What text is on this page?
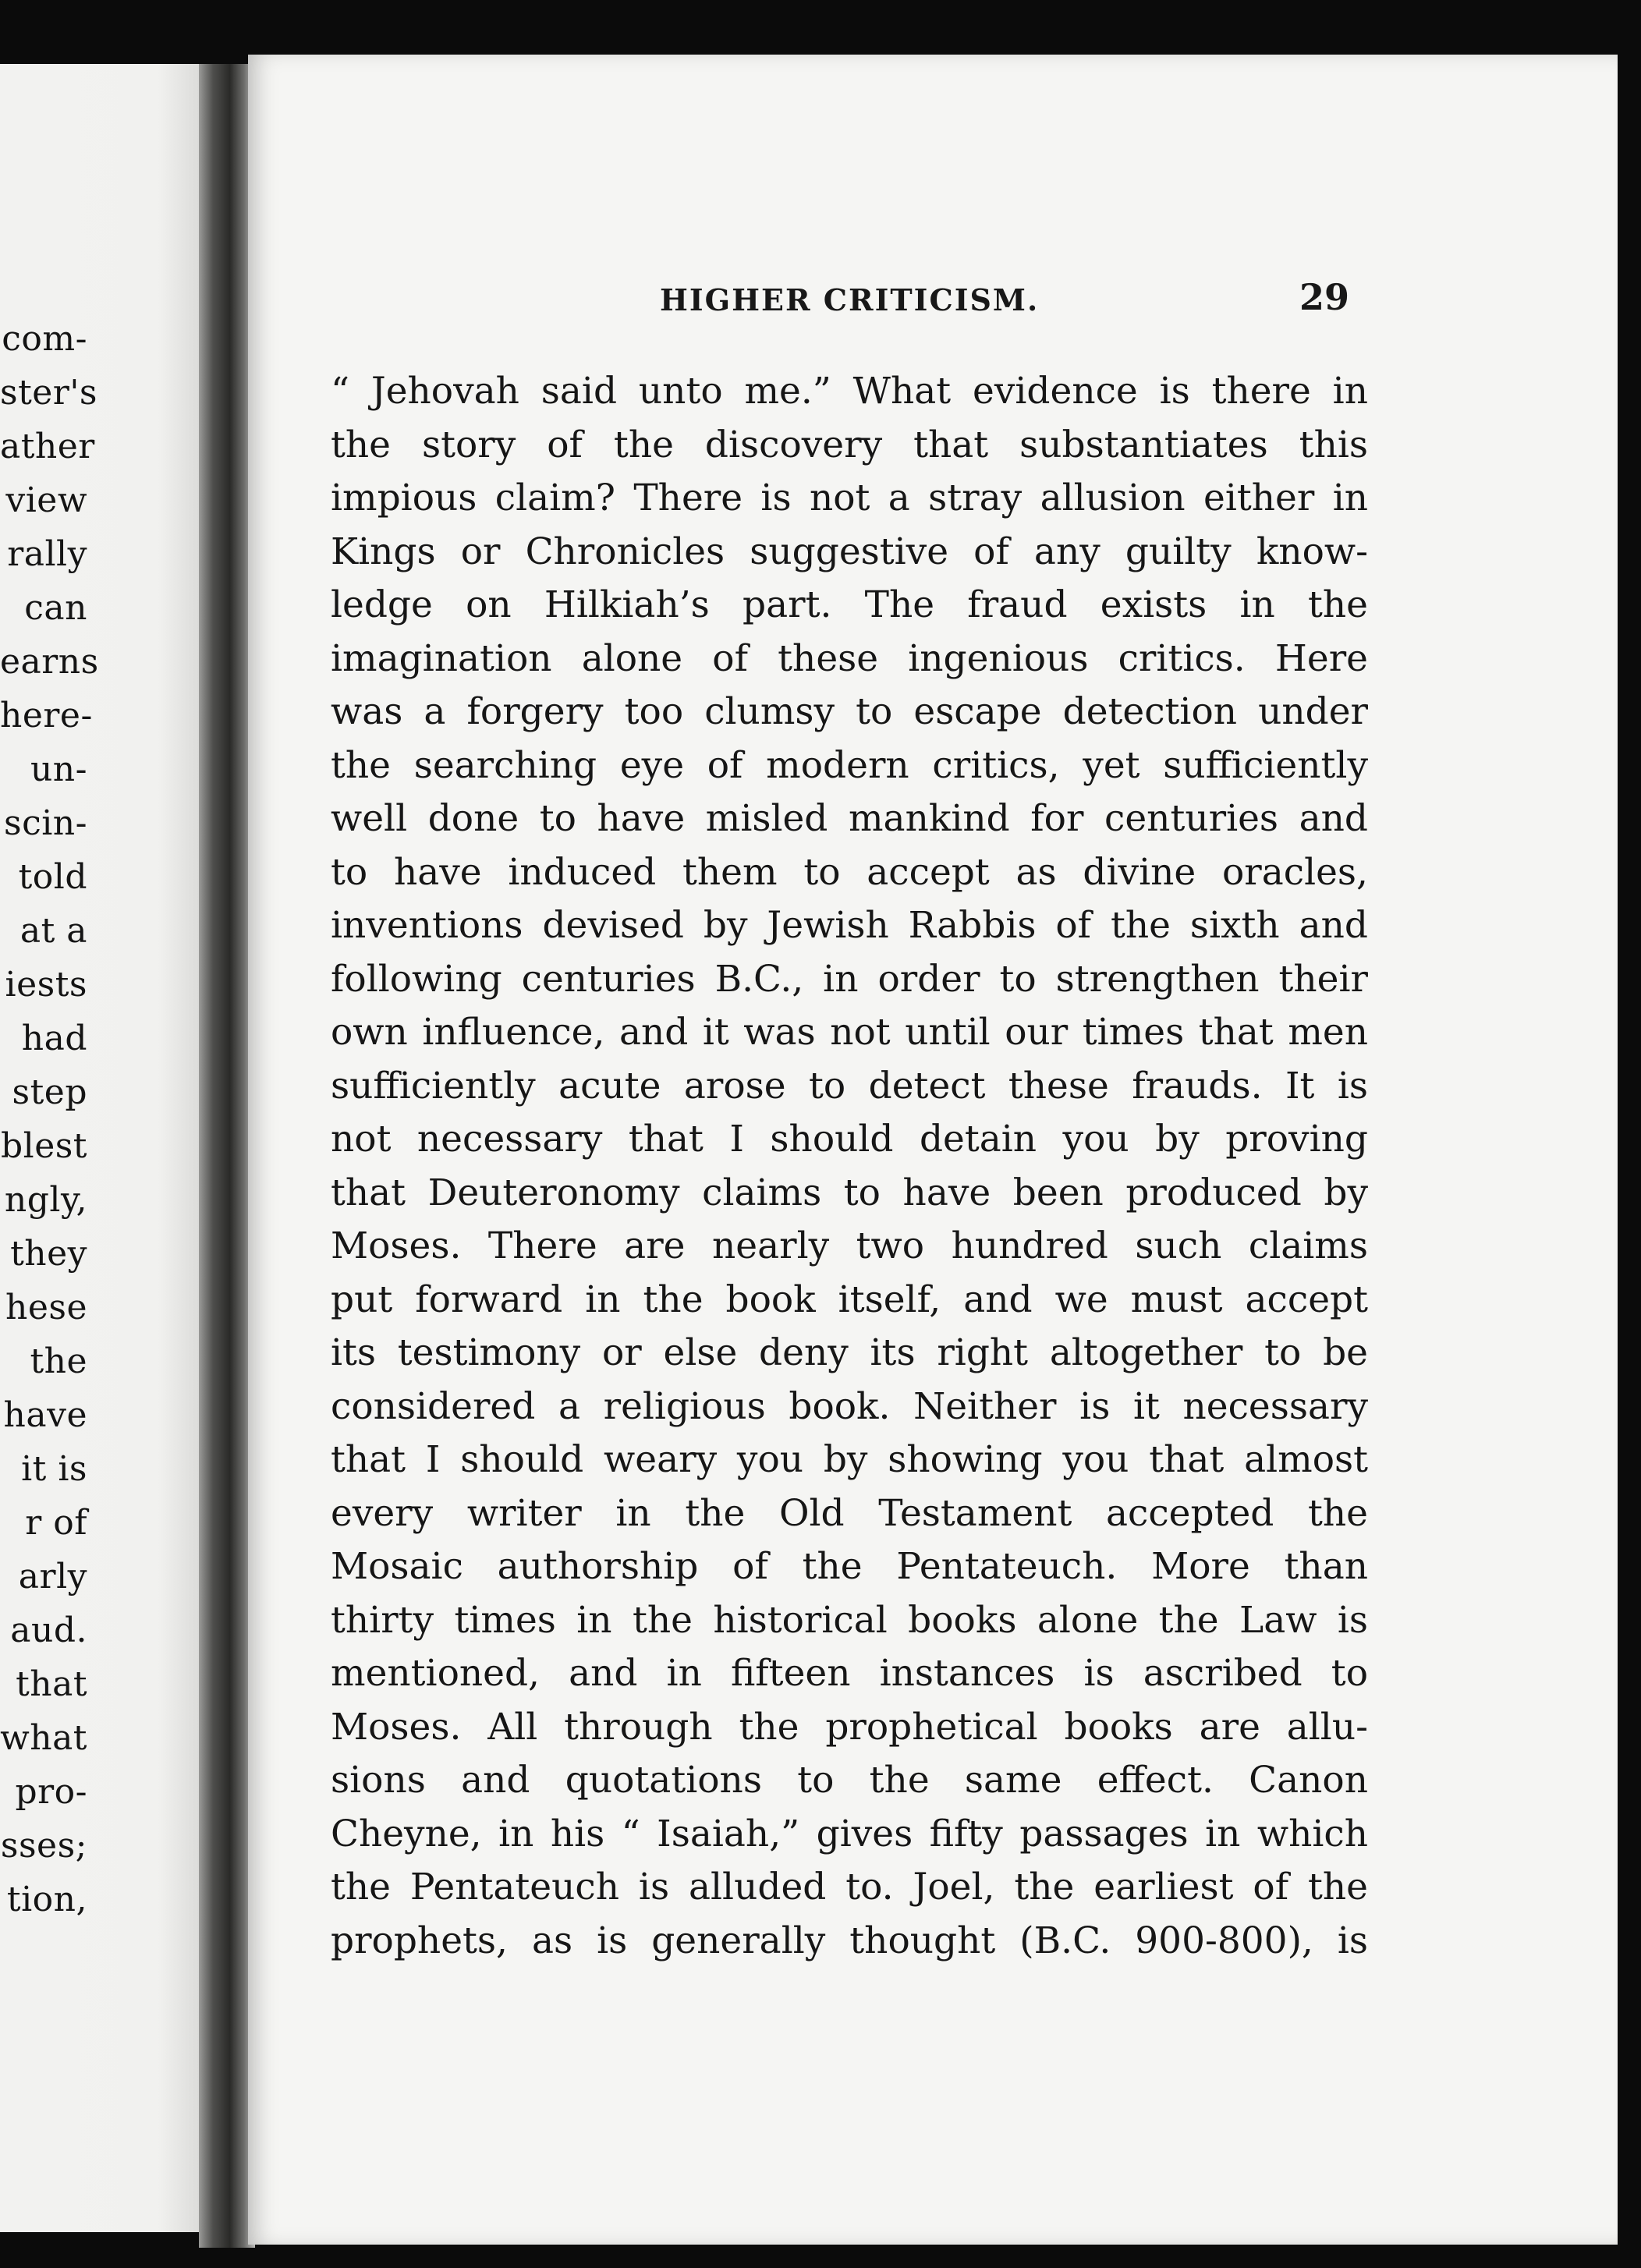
com-
ster's
ather
view
rally
can
earns
here-
un-
scin-
told
at a
iests
had
step
blest
ngly,
they
hese
the
have
it is
r of
arly
aud.
that
what
pro-
sses;
tion,
HIGHER CRITICISM.	29
“ Jehovah said unto me.” What evidence is there in
the story of the discovery that substantiates this
impious claim? There is not a stray allusion either in
Kings or Chronicles suggestive of any guilty know-
ledge on Hilkiah’s part. The fraud exists in the
imagination alone of these ingenious critics. Here
was a forgery too clumsy to escape detection under
the searching eye of modern critics, yet sufficiently
well done to have misled mankind for centuries and
to have induced them to accept as divine oracles,
inventions devised by Jewish Rabbis of the sixth and
following centuries B.C., in order to strengthen their
own influence, and it was not until our times that men
sufficiently acute arose to detect these frauds. It is
not necessary that I should detain you by proving
that Deuteronomy claims to have been produced by
Moses. There are nearly two hundred such claims
put forward in the book itself, and we must accept
its testimony or else deny its right altogether to be
considered a religious book. Neither is it necessary
that I should weary you by showing you that almost
every writer in the Old Testament accepted the
Mosaic authorship of the Pentateuch. More than
thirty times in the historical books alone the Law is
mentioned, and in fifteen instances is ascribed to
Moses. All through the prophetical books are allu-
sions and quotations to the same effect. Canon
Cheyne, in his “ Isaiah,” gives fifty passages in which
the Pentateuch is alluded to. Joel, the earliest of the
prophets, as is generally thought (B.C. 900-800), is
